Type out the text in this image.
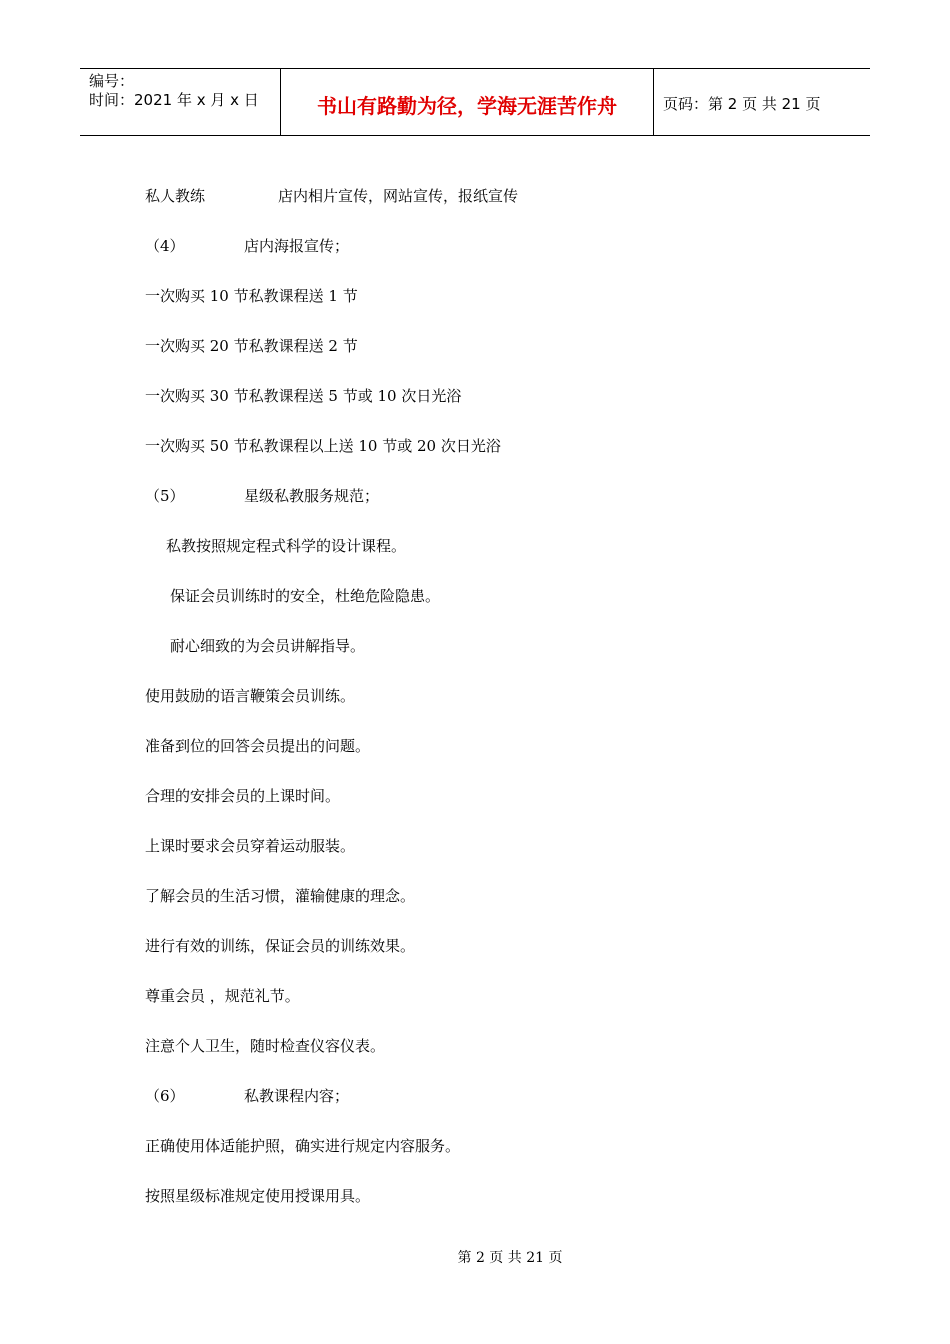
编号：
时间：2021 年 x 月 x 日	书山有路勤为径，学海无涯苦作舟	页码：第 2 页 共 21 页
私人教练	店内相片宣传，网站宣传，报纸宣传
（4）	店内海报宣传；
一次购买 10 节私教课程送 1 节
一次购买 20 节私教课程送 2 节
一次购买 30 节私教课程送 5 节或 10 次日光浴
一次购买 50 节私教课程以上送 10 节或 20 次日光浴
（5）	星级私教服务规范；
私教按照规定程式科学的设计课程。
保证会员训练时的安全，杜绝危险隐患。
耐心细致的为会员讲解指导。
使用鼓励的语言鞭策会员训练。
准备到位的回答会员提出的问题。
合理的安排会员的上课时间。
上课时要求会员穿着运动服装。
了解会员的生活习惯，灌输健康的理念。
进行有效的训练，保证会员的训练效果。
尊重会员 ，规范礼节。
注意个人卫生，随时检查仪容仪表。
（6）	私教课程内容；
正确使用体适能护照，确实进行规定内容服务。
按照星级标准规定使用授课用具。
第 2 页 共 21 页
